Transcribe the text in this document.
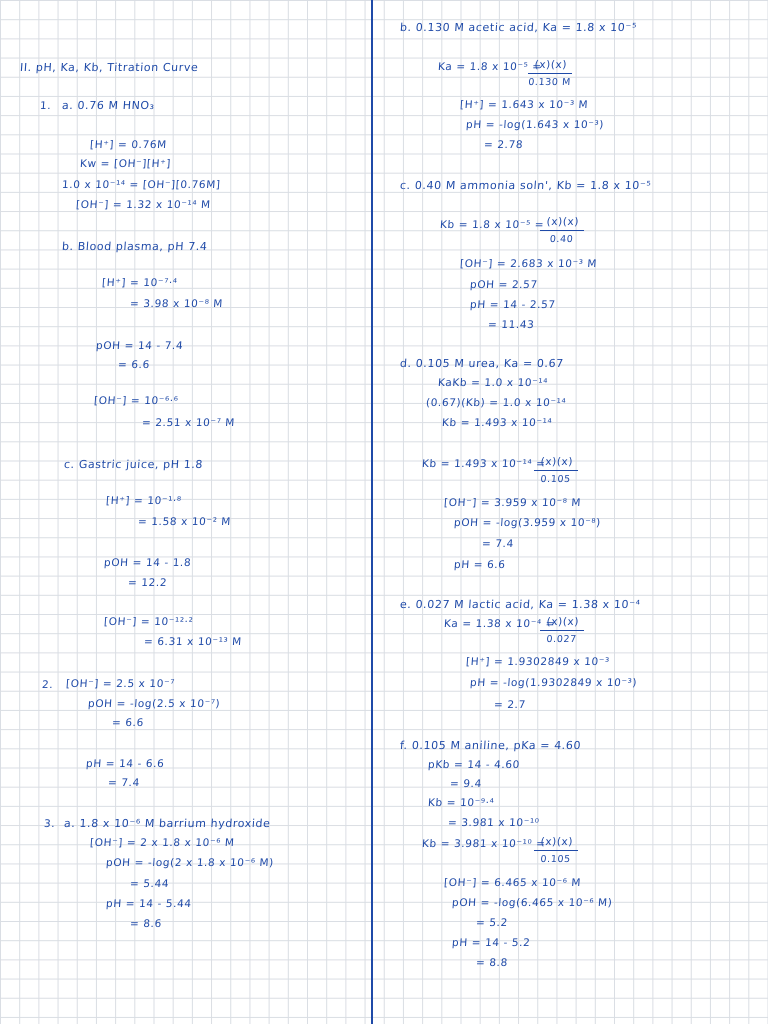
II. pH, Ka, Kb, Titration Curve
1. a. 0.76 M HNO₃
[H⁺] = 0.76M
Kw = [OH⁻][H⁺]
1.0 x 10⁻¹⁴ = [OH⁻][0.76M]
[OH⁻] = 1.32 x 10⁻¹⁴ M
b. Blood plasma, pH 7.4
[H⁺] = 10⁻⁷·⁴
= 3.98 x 10⁻⁸ M
pOH = 14 - 7.4
= 6.6
[OH⁻] = 10⁻⁶·⁶
= 2.51 x 10⁻⁷ M
c. Gastric juice, pH 1.8
[H⁺] = 10⁻¹·⁸
= 1.58 x 10⁻² M
pOH = 14 - 1.8
= 12.2
[OH⁻] = 10⁻¹²·²
= 6.31 x 10⁻¹³ M
2. [OH⁻] = 2.5 x 10⁻⁷
pOH = -log(2.5 x 10⁻⁷)
= 6.6
pH = 14 - 6.6
= 7.4
3. a. 1.8 x 10⁻⁶ M barrium hydroxide
[OH⁻] = 2 x 1.8 x 10⁻⁶ M
pOH = -log(2 x 1.8 x 10⁻⁶ M)
= 5.44
pH = 14 - 5.44
= 8.6
b. 0.130 M acetic acid, Ka = 1.8 x 10⁻⁵
Ka = 1.8 x 10⁻⁵ =
$\frac{(x)(x)}{0.130 M}$
[H⁺] = 1.643 x 10⁻³ M
pH = -log(1.643 x 10⁻³)
= 2.78
c. 0.40 M ammonia soln', Kb = 1.8 x 10⁻⁵
Kb = 1.8 x 10⁻⁵ =
$\frac{(x)(x)}{0.40}$
[OH⁻] = 2.683 x 10⁻³ M
pOH = 2.57
pH = 14 - 2.57
= 11.43
d. 0.105 M urea, Ka = 0.67
KaKb = 1.0 x 10⁻¹⁴
(0.67)(Kb) = 1.0 x 10⁻¹⁴
Kb = 1.493 x 10⁻¹⁴
Kb = 1.493 x 10⁻¹⁴ =
$\frac{(x)(x)}{0.105}$
[OH⁻] = 3.959 x 10⁻⁸ M
pOH = -log(3.959 x 10⁻⁸)
= 7.4
pH = 6.6
e. 0.027 M lactic acid, Ka = 1.38 x 10⁻⁴
Ka = 1.38 x 10⁻⁴ =
$\frac{(x)(x)}{0.027}$
[H⁺] = 1.9302849 x 10⁻³
pH = -log(1.9302849 x 10⁻³)
= 2.7
f. 0.105 M aniline, pKa = 4.60
pKb = 14 - 4.60
= 9.4
Kb = 10⁻⁹·⁴
= 3.981 x 10⁻¹⁰
Kb = 3.981 x 10⁻¹⁰ =
$\frac{(x)(x)}{0.105}$
[OH⁻] = 6.465 x 10⁻⁶ M
pOH = -log(6.465 x 10⁻⁶ M)
= 5.2
pH = 14 - 5.2
= 8.8
